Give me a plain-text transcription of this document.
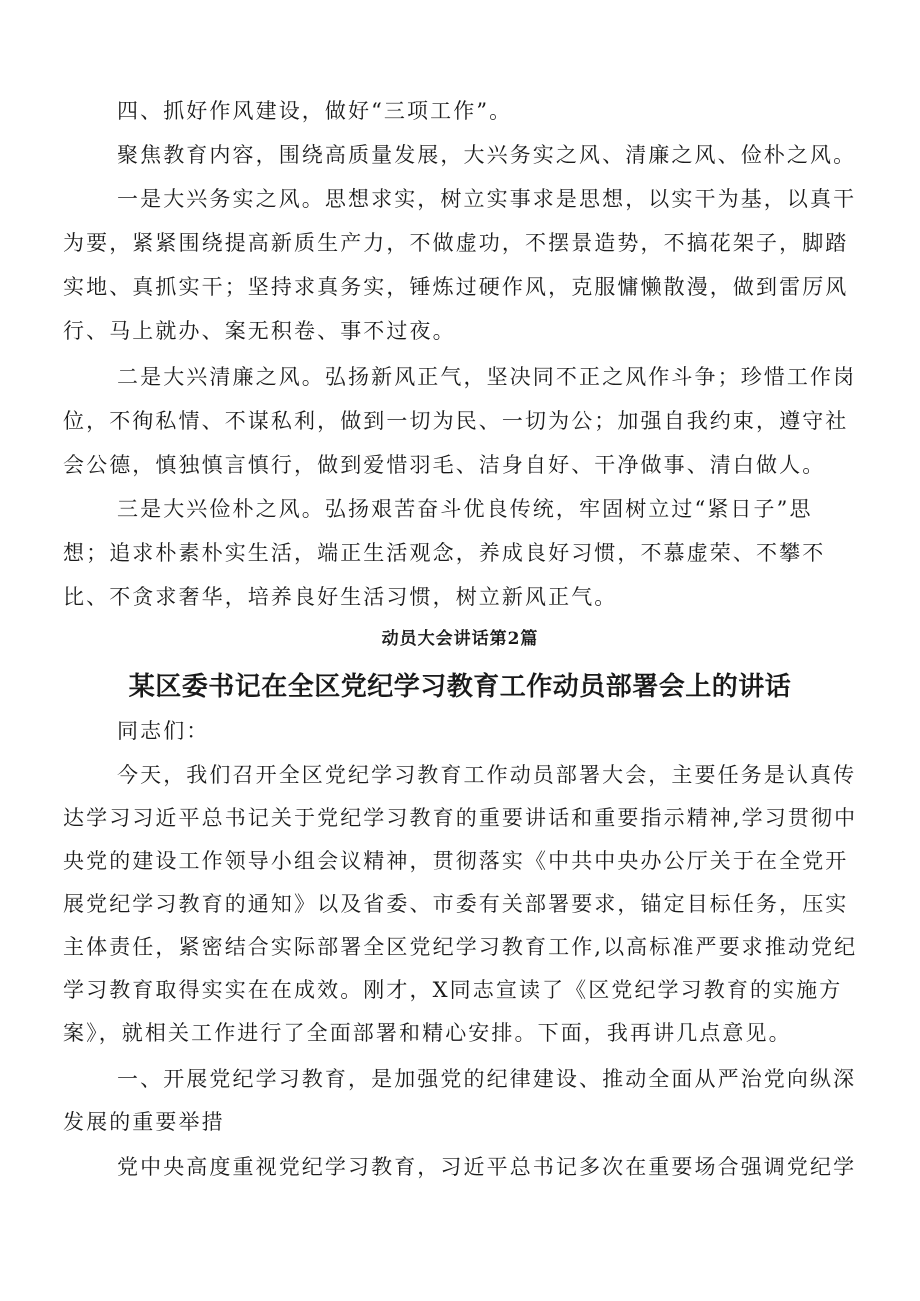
四、抓好作风建设，做好“三项工作”。
聚焦教育内容，围绕高质量发展，大兴务实之风、清廉之风、俭朴之风。
一是大兴务实之风。思想求实，树立实事求是思想，以实干为基，以真干
为要，紧紧围绕提高新质生产力，不做虚功，不摆景造势，不搞花架子，脚踏
实地、真抓实干；坚持求真务实，锤炼过硬作风，克服慵懒散漫，做到雷厉风
行、马上就办、案无积卷、事不过夜。
二是大兴清廉之风。弘扬新风正气，坚决同不正之风作斗争；珍惜工作岗
位，不徇私情、不谋私利，做到一切为民、一切为公；加强自我约束，遵守社
会公德，慎独慎言慎行，做到爱惜羽毛、洁身自好、干净做事、清白做人。
三是大兴俭朴之风。弘扬艰苦奋斗优良传统，牢固树立过“紧日子”思
想；追求朴素朴实生活，端正生活观念，养成良好习惯，不慕虚荣、不攀不
比、不贪求奢华，培养良好生活习惯，树立新风正气。
动员大会讲话第2篇
某区委书记在全区党纪学习教育工作动员部署会上的讲话
同志们：
今天，我们召开全区党纪学习教育工作动员部署大会，主要任务是认真传
达学习习近平总书记关于党纪学习教育的重要讲话和重要指示精神,学习贯彻中
央党的建设工作领导小组会议精神，贯彻落实《中共中央办公厅关于在全党开
展党纪学习教育的通知》以及省委、市委有关部署要求，锚定目标任务，压实
主体责任，紧密结合实际部署全区党纪学习教育工作,以高标准严要求推动党纪
学习教育取得实实在在成效。刚才，X同志宣读了《区党纪学习教育的实施方
案》，就相关工作进行了全面部署和精心安排。下面，我再讲几点意见。
一、开展党纪学习教育，是加强党的纪律建设、推动全面从严治党向纵深
发展的重要举措
党中央高度重视党纪学习教育，习近平总书记多次在重要场合强调党纪学
